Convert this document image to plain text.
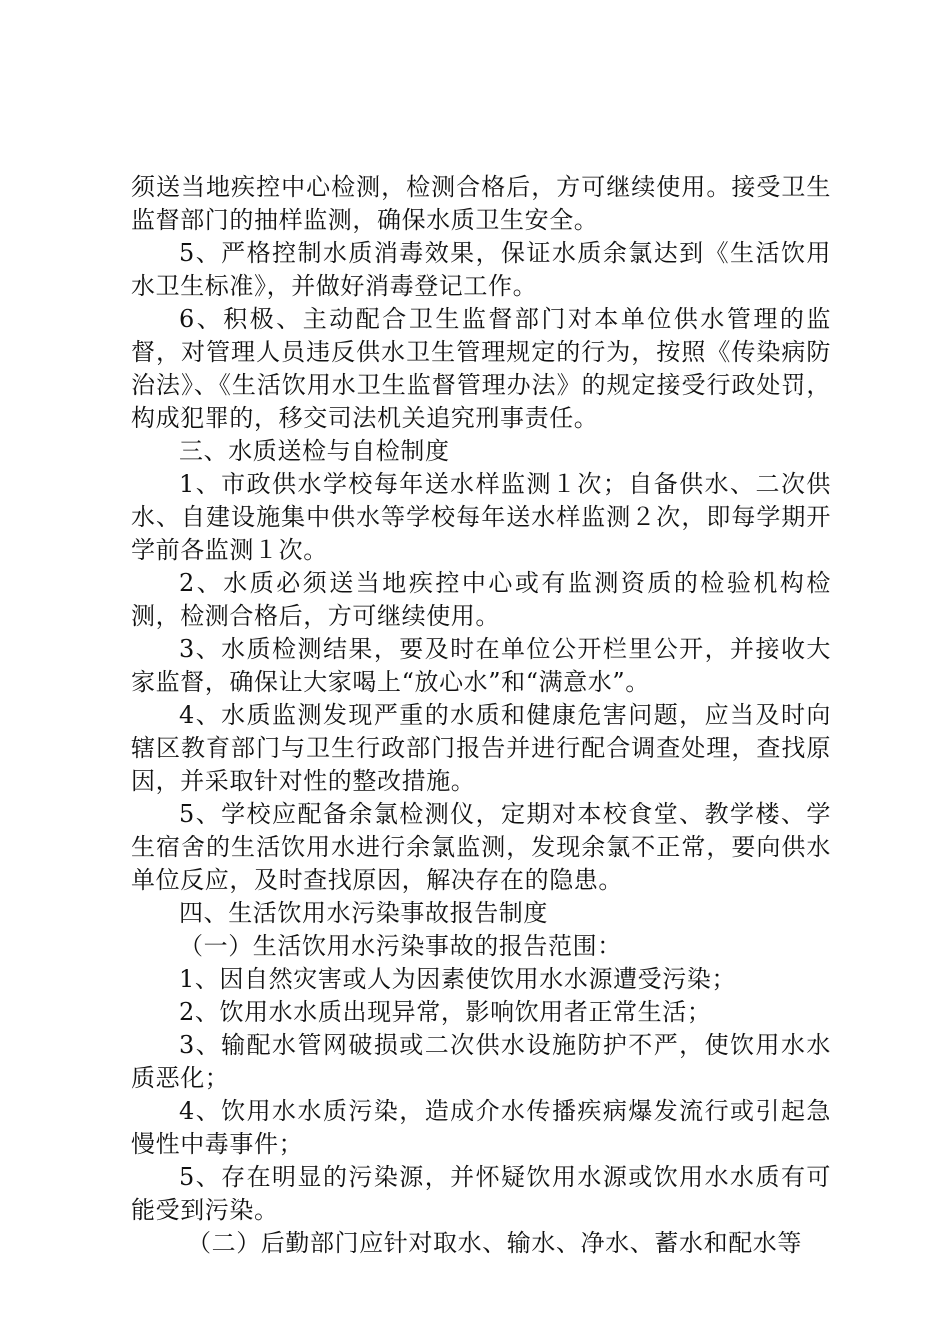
须送当地疾控中心检测，检测合格后，方可继续使用。接受卫生监督部门的抽样监测，确保水质卫生安全。

5、严格控制水质消毒效果，保证水质余氯达到《生活饮用水卫生标准》，并做好消毒登记工作。

6、积极、主动配合卫生监督部门对本单位供水管理的监督，对管理人员违反供水卫生管理规定的行为，按照《传染病防治法》、《生活饮用水卫生监督管理办法》的规定接受行政处罚，构成犯罪的，移交司法机关追究刑事责任。

三、水质送检与自检制度

1、市政供水学校每年送水样监测１次；自备供水、二次供水、自建设施集中供水等学校每年送水样监测２次，即每学期开学前各监测１次。

2、水质必须送当地疾控中心或有监测资质的检验机构检测，检测合格后，方可继续使用。

3、水质检测结果，要及时在单位公开栏里公开，并接收大家监督，确保让大家喝上“放心水”和“满意水”。

4、水质监测发现严重的水质和健康危害问题，应当及时向辖区教育部门与卫生行政部门报告并进行配合调查处理，查找原因，并采取针对性的整改措施。

5、学校应配备余氯检测仪，定期对本校食堂、教学楼、学生宿舍的生活饮用水进行余氯监测，发现余氯不正常，要向供水单位反应，及时查找原因，解决存在的隐患。

四、生活饮用水污染事故报告制度

（一）生活饮用水污染事故的报告范围：

1、因自然灾害或人为因素使饮用水水源遭受污染；

2、饮用水水质出现异常，影响饮用者正常生活；

3、输配水管网破损或二次供水设施防护不严，使饮用水水质恶化；

4、饮用水水质污染，造成介水传播疾病爆发流行或引起急慢性中毒事件；

5、存在明显的污染源，并怀疑饮用水源或饮用水水质有可能受到污染。

（二）后勤部门应针对取水、输水、净水、蓄水和配水等
